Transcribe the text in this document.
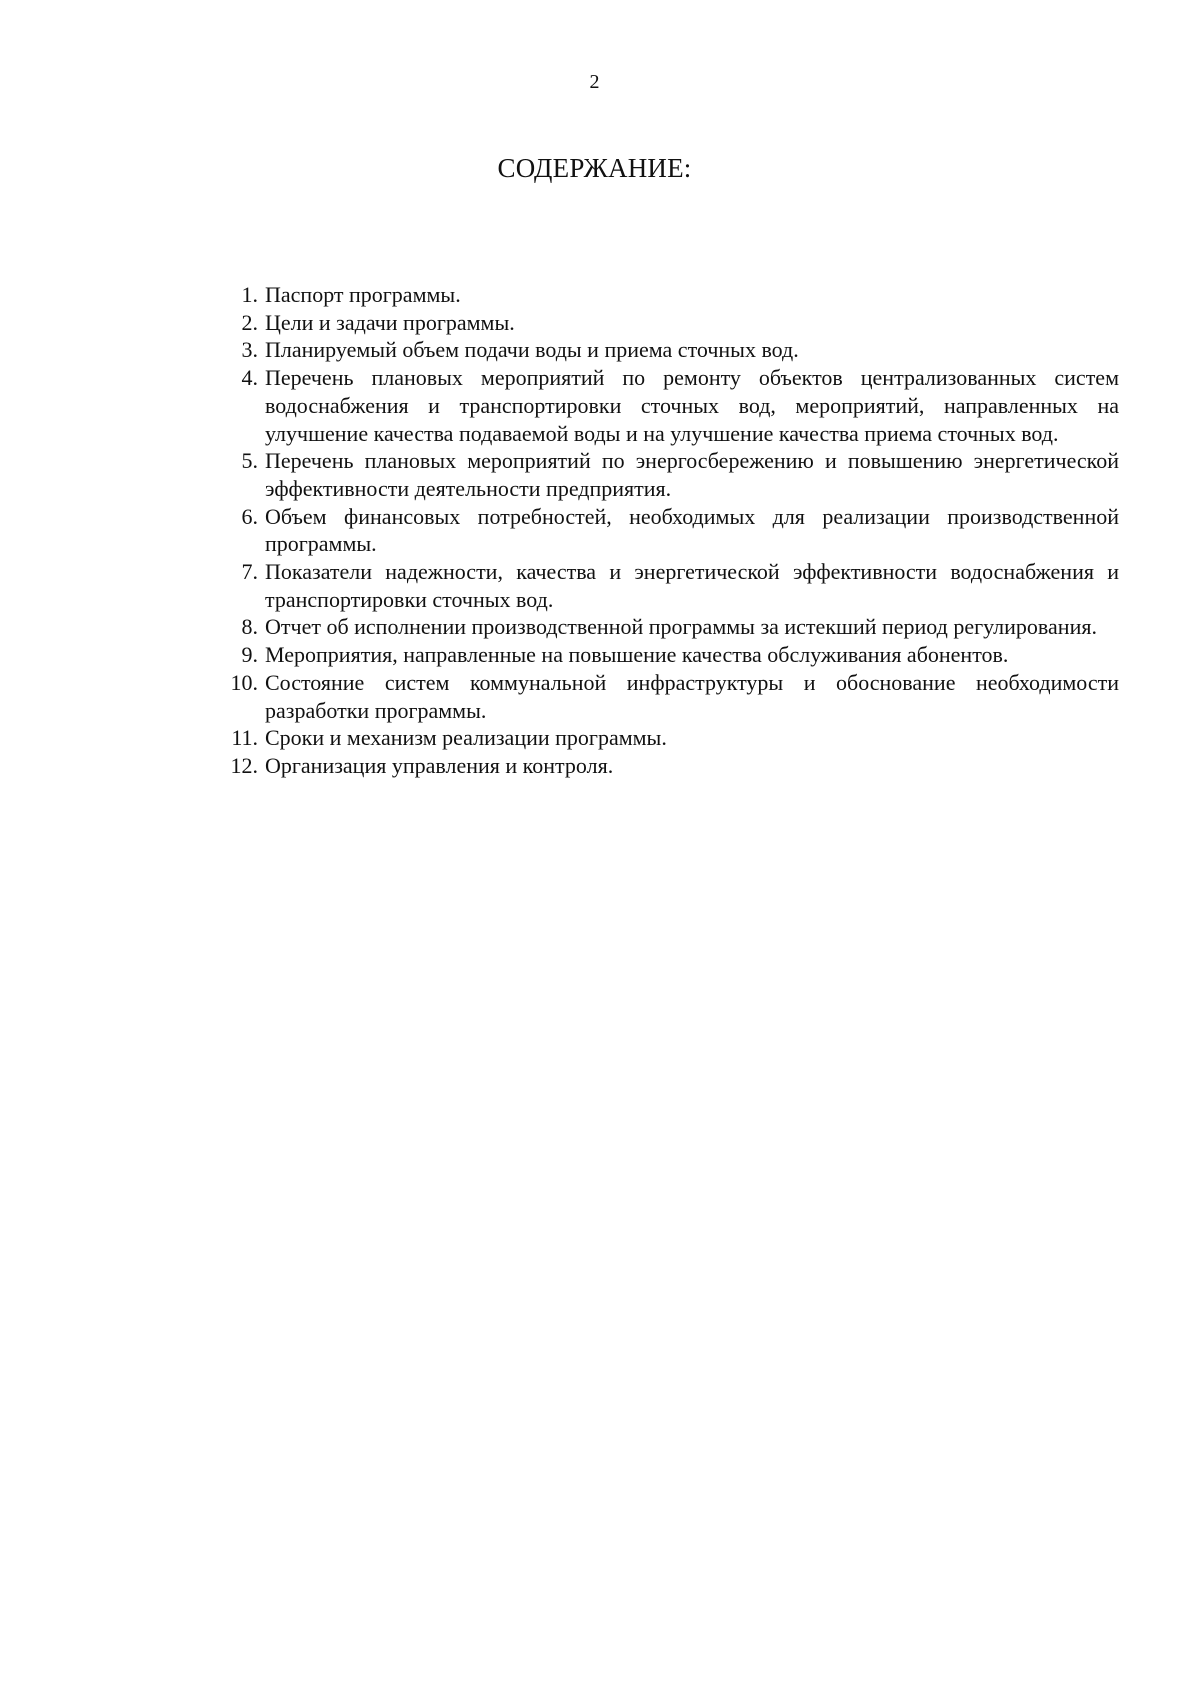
2
СОДЕРЖАНИЕ:
1. Паспорт программы.
2. Цели и задачи программы.
3. Планируемый объем подачи воды и приема сточных вод.
4. Перечень плановых мероприятий по ремонту объектов централизованных систем водоснабжения и транспортировки сточных вод, мероприятий, направленных на улучшение качества подаваемой воды и на улучшение качества приема сточных вод.
5. Перечень плановых мероприятий по энергосбережению и повышению энергетической эффективности деятельности предприятия.
6. Объем финансовых потребностей, необходимых для реализации производственной программы.
7. Показатели надежности, качества и энергетической эффективности водоснабжения и транспортировки сточных вод.
8. Отчет об исполнении производственной программы за истекший период регулирования.
9. Мероприятия, направленные на повышение качества обслуживания абонентов.
10. Состояние систем коммунальной инфраструктуры и обоснование необходимости разработки программы.
11. Сроки и механизм реализации программы.
12. Организация управления и контроля.
